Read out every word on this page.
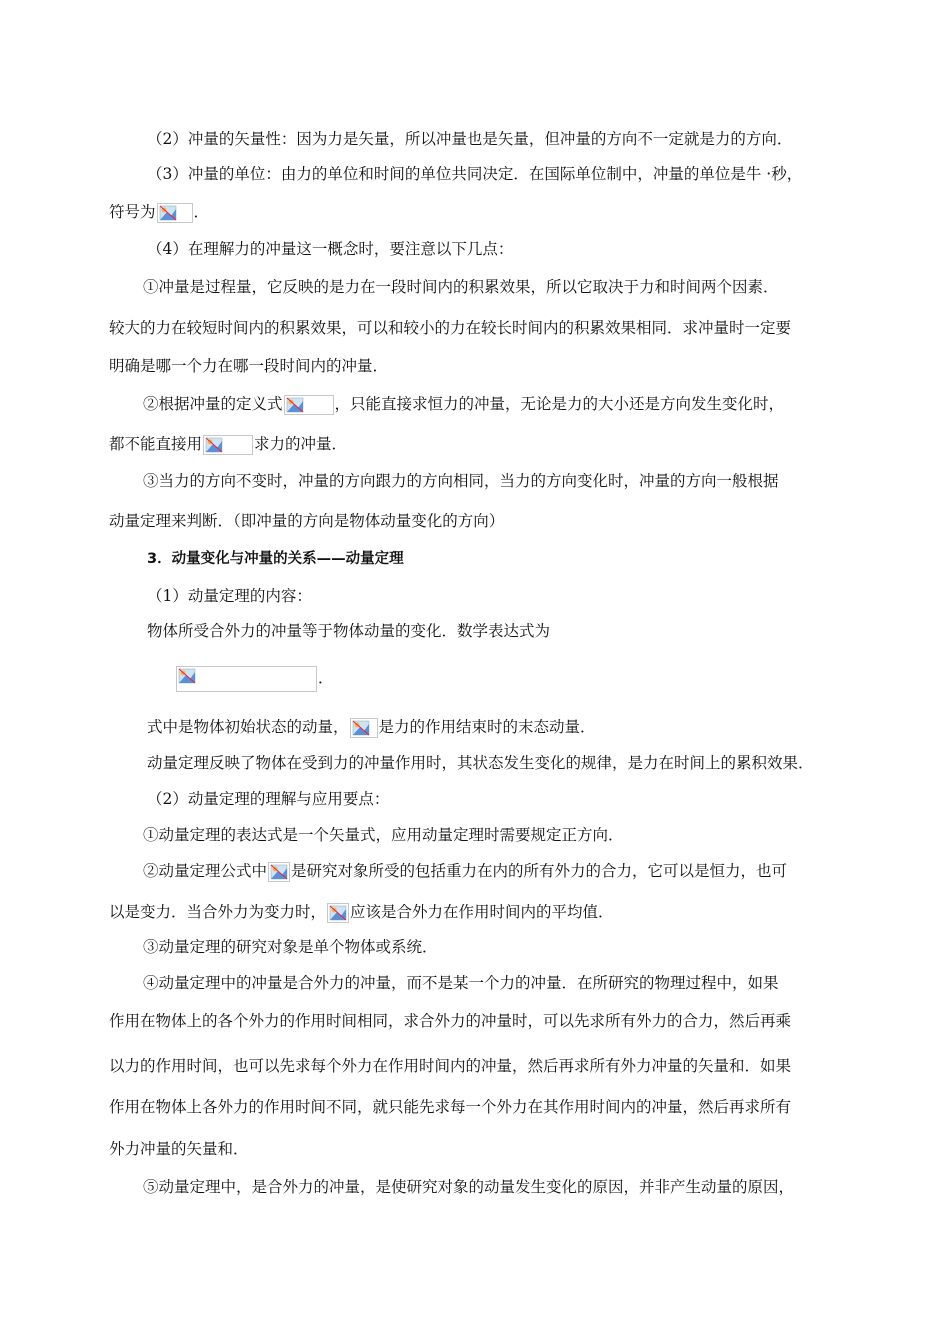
（2）冲量的矢量性：因为力是矢量，所以冲量也是矢量，但冲量的方向不一定就是力的方向．
（3）冲量的单位：由力的单位和时间的单位共同决定．在国际单位制中，冲量的单位是牛 ·秒，
符号为 ．
（4）在理解力的冲量这一概念时，要注意以下几点：
①冲量是过程量，它反映的是力在一段时间内的积累效果，所以它取决于力和时间两个因素．
较大的力在较短时间内的积累效果，可以和较小的力在较长时间内的积累效果相同．求冲量时一定要
明确是哪一个力在哪一段时间内的冲量．
②根据冲量的定义式	，只能直接求恒力的冲量，无论是力的大小还是方向发生变化时，
都不能直接用	求力的冲量．
③当力的方向不变时，冲量的方向跟力的方向相同，当力的方向变化时，冲量的方向一般根据
动量定理来判断．（即冲量的方向是物体动量变化的方向）
3．动量变化与冲量的关系——动量定理
（1）动量定理的内容：
物体所受合外力的冲量等于物体动量的变化．数学表达式为
．
式中是物体初始状态的动量， 是力的作用结束时的末态动量．
动量定理反映了物体在受到力的冲量作用时，其状态发生变化的规律，是力在时间上的累积效果．
（2）动量定理的理解与应用要点：
①动量定理的表达式是一个矢量式，应用动量定理时需要规定正方向．
②动量定理公式中 是研究对象所受的包括重力在内的所有外力的合力，它可以是恒力，也可
以是变力．当合外力为变力时， 应该是合外力在作用时间内的平均值．
③动量定理的研究对象是单个物体或系统．
④动量定理中的冲量是合外力的冲量，而不是某一个力的冲量．在所研究的物理过程中，如果
作用在物体上的各个外力的作用时间相同，求合外力的冲量时，可以先求所有外力的合力，然后再乘
以力的作用时间，也可以先求每个外力在作用时间内的冲量，然后再求所有外力冲量的矢量和．如果
作用在物体上各外力的作用时间不同，就只能先求每一个外力在其作用时间内的冲量，然后再求所有
外力冲量的矢量和．
⑤动量定理中，是合外力的冲量，是使研究对象的动量发生变化的原因，并非产生动量的原因，
